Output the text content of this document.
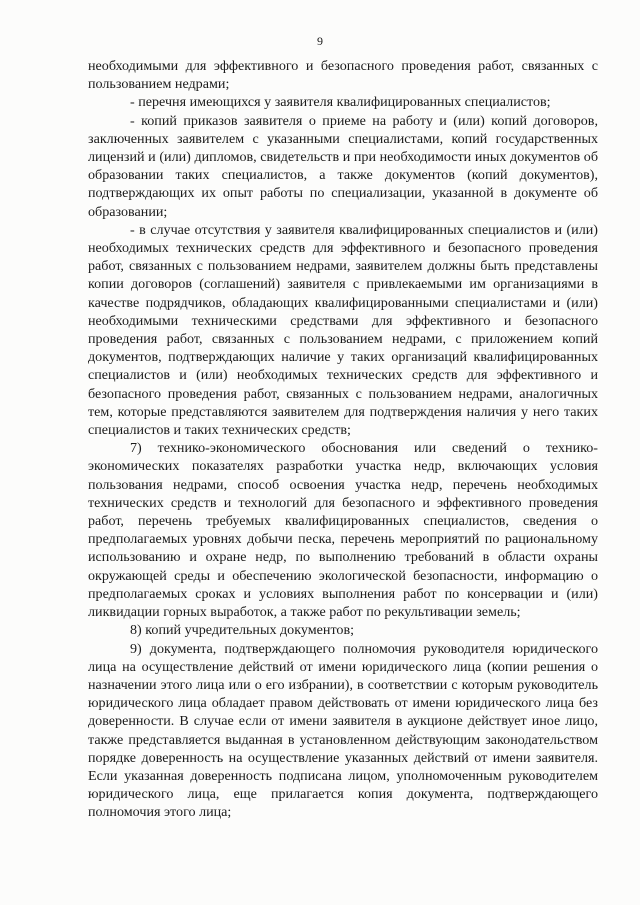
9

необходимыми для эффективного и безопасного проведения работ, связанных с пользованием недрами;

- перечня имеющихся у заявителя квалифицированных специалистов;

- копий приказов заявителя о приеме на работу и (или) копий договоров, заключенных заявителем с указанными специалистами, копий государственных лицензий и (или) дипломов, свидетельств и при необходимости иных документов об образовании таких специалистов, а также документов (копий документов), подтверждающих их опыт работы по специализации, указанной в документе об образовании;

- в случае отсутствия у заявителя квалифицированных специалистов и (или) необходимых технических средств для эффективного и безопасного проведения работ, связанных с пользованием недрами, заявителем должны быть представлены копии договоров (соглашений) заявителя с привлекаемыми им организациями в качестве подрядчиков, обладающих квалифицированными специалистами и (или) необходимыми техническими средствами для эффективного и безопасного проведения работ, связанных с пользованием недрами, с приложением копий документов, подтверждающих наличие у таких организаций квалифицированных специалистов и (или) необходимых технических средств для эффективного и безопасного проведения работ, связанных с пользованием недрами, аналогичных тем, которые представляются заявителем для подтверждения наличия у него таких специалистов и таких технических средств;

7) технико-экономического обоснования или сведений о технико-экономических показателях разработки участка недр, включающих условия пользования недрами, способ освоения участка недр, перечень необходимых технических средств и технологий для безопасного и эффективного проведения работ, перечень требуемых квалифицированных специалистов, сведения о предполагаемых уровнях добычи песка, перечень мероприятий по рациональному использованию и охране недр, по выполнению требований в области охраны окружающей среды и обеспечению экологической безопасности, информацию о предполагаемых сроках и условиях выполнения работ по консервации и (или) ликвидации горных выработок, а также работ по рекультивации земель;

8) копий учредительных документов;

9) документа, подтверждающего полномочия руководителя юридического лица на осуществление действий от имени юридического лица (копии решения о назначении этого лица или о его избрании), в соответствии с которым руководитель юридического лица обладает правом действовать от имени юридического лица без доверенности. В случае если от имени заявителя в аукционе действует иное лицо, также представляется выданная в установленном действующим законодательством порядке доверенность на осуществление указанных действий от имени заявителя. Если указанная доверенность подписана лицом, уполномоченным руководителем юридического лица, еще прилагается копия документа, подтверждающего полномочия этого лица;
